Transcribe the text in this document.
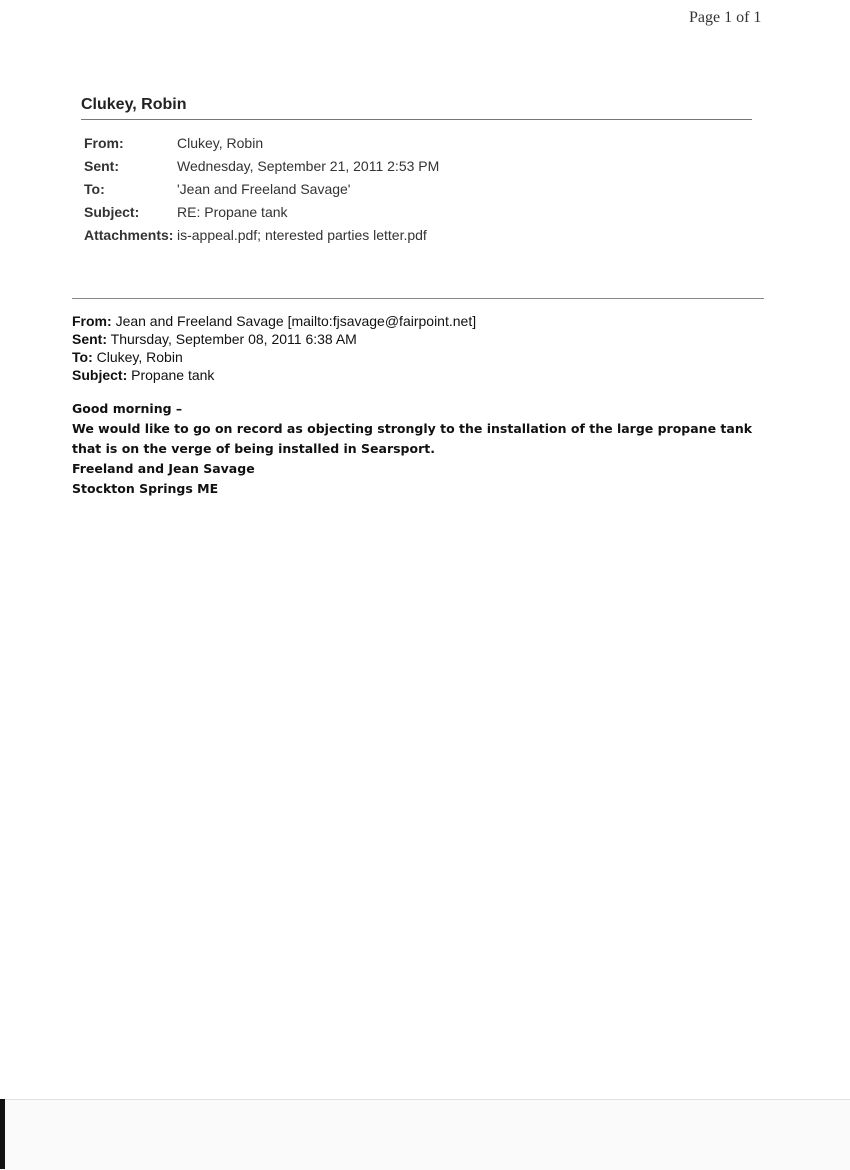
Page 1 of 1
Clukey, Robin
From:	Clukey, Robin
Sent:	Wednesday, September 21, 2011 2:53 PM
To:	'Jean and Freeland Savage'
Subject:	RE: Propane tank
Attachments: is-appeal.pdf; nterested parties letter.pdf
From: Jean and Freeland Savage [mailto:fjsavage@fairpoint.net]
Sent: Thursday, September 08, 2011 6:38 AM
To: Clukey, Robin
Subject: Propane tank

Good morning –

We would like to go on record as objecting strongly to the installation of the large propane tank that is on the verge of being installed in Searsport.

Freeland and Jean Savage

Stockton Springs ME
